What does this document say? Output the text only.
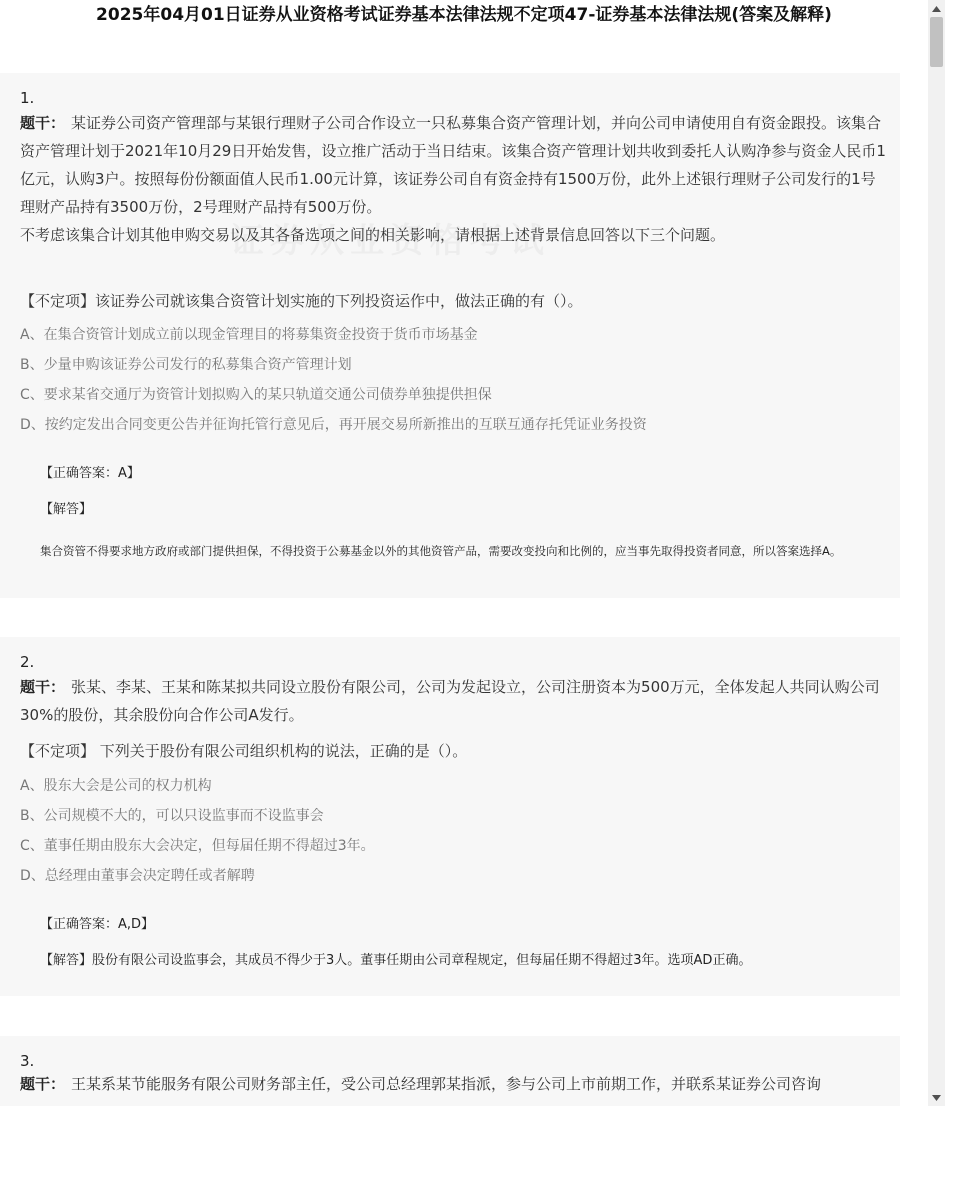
2025年04月01日证券从业资格考试证券基本法律法规不定项47-证券基本法律法规(答案及解释)
1.
题干： 某证券公司资产管理部与某银行理财子公司合作设立一只私募集合资产管理计划，并向公司申请使用自有资金跟投。该集合资产管理计划于2021年10月29日开始发售，设立推广活动于当日结束。该集合资产管理计划共收到委托人认购净参与资金人民币1亿元，认购3户。按照每份份额面值人民币1.00元计算，该证券公司自有资金持有1500万份，此外上述银行理财子公司发行的1号理财产品持有3500万份，2号理财产品持有500万份。
不考虑该集合计划其他申购交易以及其各备选项之间的相关影响，请根据上述背景信息回答以下三个问题。
【不定项】该证券公司就该集合资管计划实施的下列投资运作中，做法正确的有（）。
A、在集合资管计划成立前以现金管理目的将募集资金投资于货币市场基金
B、少量申购该证券公司发行的私募集合资产管理计划
C、要求某省交通厅为资管计划拟购入的某只轨道交通公司债券单独提供担保
D、按约定发出合同变更公告并征询托管行意见后，再开展交易所新推出的互联互通存托凭证业务投资
【正确答案：A】
【解答】
集合资管不得要求地方政府或部门提供担保，不得投资于公募基金以外的其他资管产品，需要改变投向和比例的，应当事先取得投资者同意，所以答案选择A。
2.
题干： 张某、李某、王某和陈某拟共同设立股份有限公司，公司为发起设立，公司注册资本为500万元，全体发起人共同认购公司30%的股份，其余股份向合作公司A发行。
【不定项】 下列关于股份有限公司组织机构的说法，正确的是（）。
A、股东大会是公司的权力机构
B、公司规模不大的，可以只设监事而不设监事会
C、董事任期由股东大会决定，但每届任期不得超过3年。
D、总经理由董事会决定聘任或者解聘
【正确答案：A,D】
【解答】股份有限公司设监事会，其成员不得少于3人。董事任期由公司章程规定，但每届任期不得超过3年。选项AD正确。
3.
题干： 王某系某节能服务有限公司财务部主任，受公司总经理郭某指派，参与公司上市前期工作，并联系某证券公司咨询
